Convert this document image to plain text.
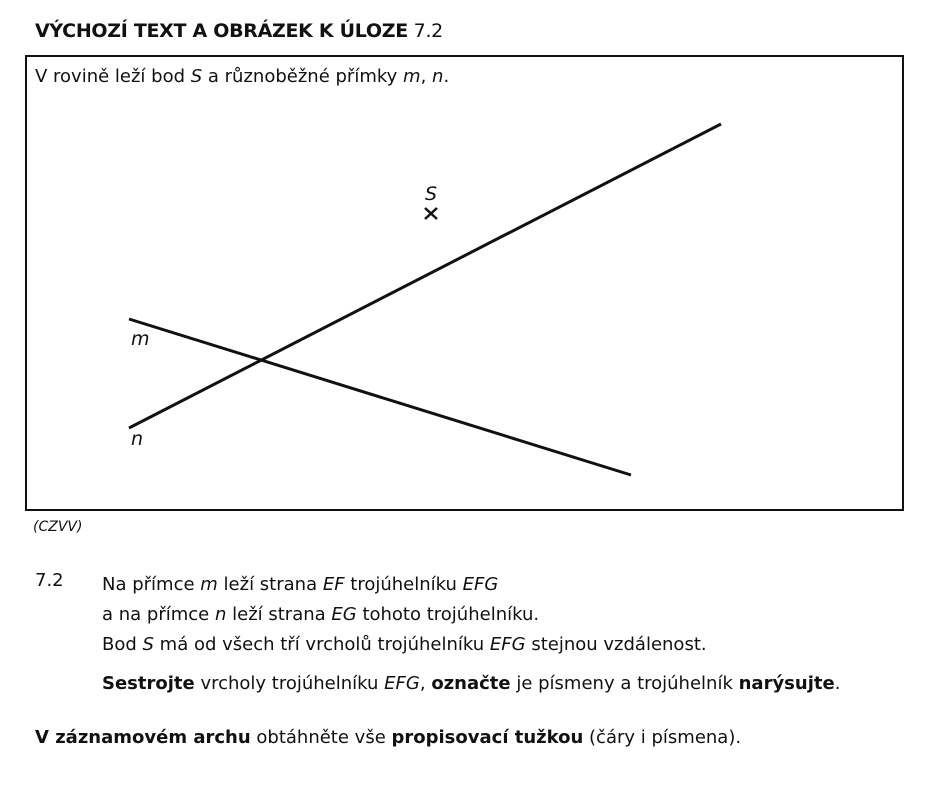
VÝCHOZÍ TEXT A OBRÁZEK K ÚLOZE 7.2
V rovině leží bod S a různoběžné přímky m, n.
S
m
n
(CZVV)
7.2 Na přímce m leží strana EF trojúhelníku EFG
a na přímce n leží strana EG tohoto trojúhelníku.
Bod S má od všech tří vrcholů trojúhelníku EFG stejnou vzdálenost.
Sestrojte vrcholy trojúhelníku EFG, označte je písmeny a trojúhelník narýsujte.
V záznamovém archu obtáhněte vše propisovací tužkou (čáry i písmena).
